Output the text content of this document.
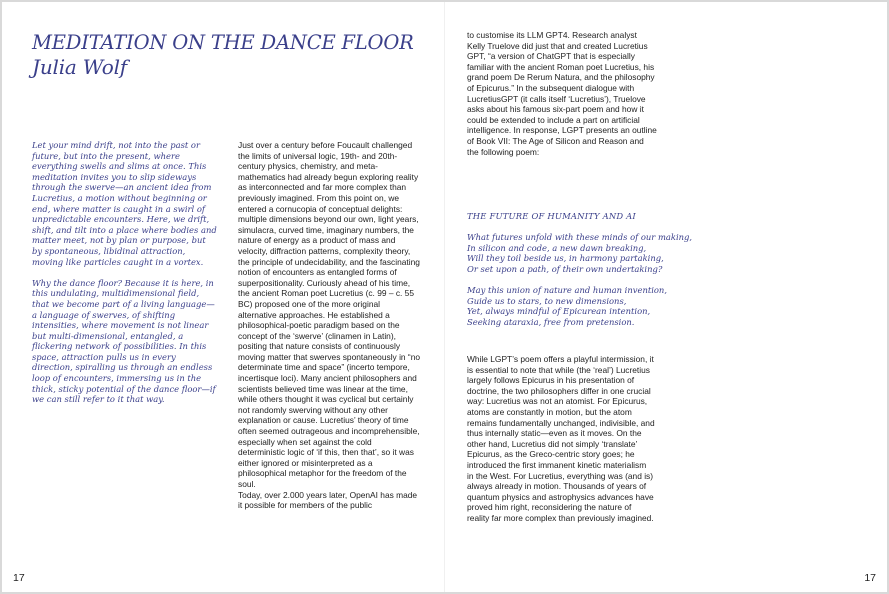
MEDITATION ON THE DANCE FLOOR
Julia Wolf

Let your mind drift, not into the past or future, but into the present, where everything swells and slims at once. This meditation invites you to slip sideways through the swerve—an ancient idea from Lucretius, a motion without beginning or end, where matter is caught in a swirl of unpredictable encounters. Here, we drift, shift, and tilt into a place where bodies and matter meet, not by plan or purpose, but by spontaneous, libidinal attraction, moving like particles caught in a vortex.

Why the dance floor? Because it is here, in this undulating, multidimensional field, that we become part of a living language—a language of swerves, of shifting intensities, where movement is not linear but multi-dimensional, entangled, a flickering network of possibilities. In this space, attraction pulls us in every direction, spiralling us through an endless loop of encounters, immersing us in the thick, sticky potential of the dance floor—if we can still refer to it that way.

Just over a century before Foucault challenged the limits of universal logic, 19th- and 20th-century physics, chemistry, and meta-mathematics had already begun exploring reality as interconnected and far more complex than previously imagined. From this point on, we entered a cornucopia of conceptual delights: multiple dimensions beyond our own, light years, simulacra, curved time, imaginary numbers, the nature of energy as a product of mass and velocity, diffraction patterns, complexity theory, the principle of undecidability, and the fascinating notion of encounters as entangled forms of superpositionality. Curiously ahead of his time, the ancient Roman poet Lucretius (c. 99 – c. 55 BC) proposed one of the more original alternative approaches. He established a philosophical-poetic paradigm based on the concept of the ‘swerve’ (clinamen in Latin), positing that nature consists of continuously moving matter that swerves spontaneously in “no determinate time and space” (incerto tempore, incertisque loci). Many ancient philosophers and scientists believed time was linear at the time, while others thought it was cyclical but certainly not randomly swerving without any other explanation or cause. Lucretius’ theory of time often seemed outrageous and incomprehensible, especially when set against the cold deterministic logic of ‘if this, then that’, so it was either ignored or misinterpreted as a philosophical metaphor for the freedom of the soul.

Today, over 2.000 years later, OpenAI has made it possible for members of the public

to customise its LLM GPT4. Research analyst Kelly Truelove did just that and created Lucretius GPT, “a version of ChatGPT that is especially familiar with the ancient Roman poet Lucretius, his grand poem De Rerum Natura, and the philosophy of Epicurus.” In the subsequent dialogue with LucretiusGPT (it calls itself ‘Lucretius’), Truelove asks about his famous six-part poem and how it could be extended to include a part on artificial intelligence. In response, LGPT presents an outline of Book VII: The Age of Silicon and Reason and the following poem:

THE FUTURE OF HUMANITY AND AI
What futures unfold with these minds of our making,
In silicon and code, a new dawn breaking,
Will they toil beside us, in harmony partaking,
Or set upon a path, of their own undertaking?
May this union of nature and human invention,
Guide us to stars, to new dimensions,
Yet, always mindful of Epicurean intention,
Seeking ataraxia, free from pretension.

While LGPT’s poem offers a playful intermission, it is essential to note that while (the ‘real’) Lucretius largely follows Epicurus in his presentation of doctrine, the two philosophers differ in one crucial way: Lucretius was not an atomist. For Epicurus, atoms are constantly in motion, but the atom remains fundamentally unchanged, indivisible, and thus internally static—even as it moves. On the other hand, Lucretius did not simply ‘translate’ Epicurus, as the Greco-centric story goes; he introduced the first immanent kinetic materialism in the West. For Lucretius, everything was (and is) always already in motion. Thousands of years of quantum physics and astrophysics advances have proved him right, reconsidering the nature of reality far more complex than previously imagined.

17	17
